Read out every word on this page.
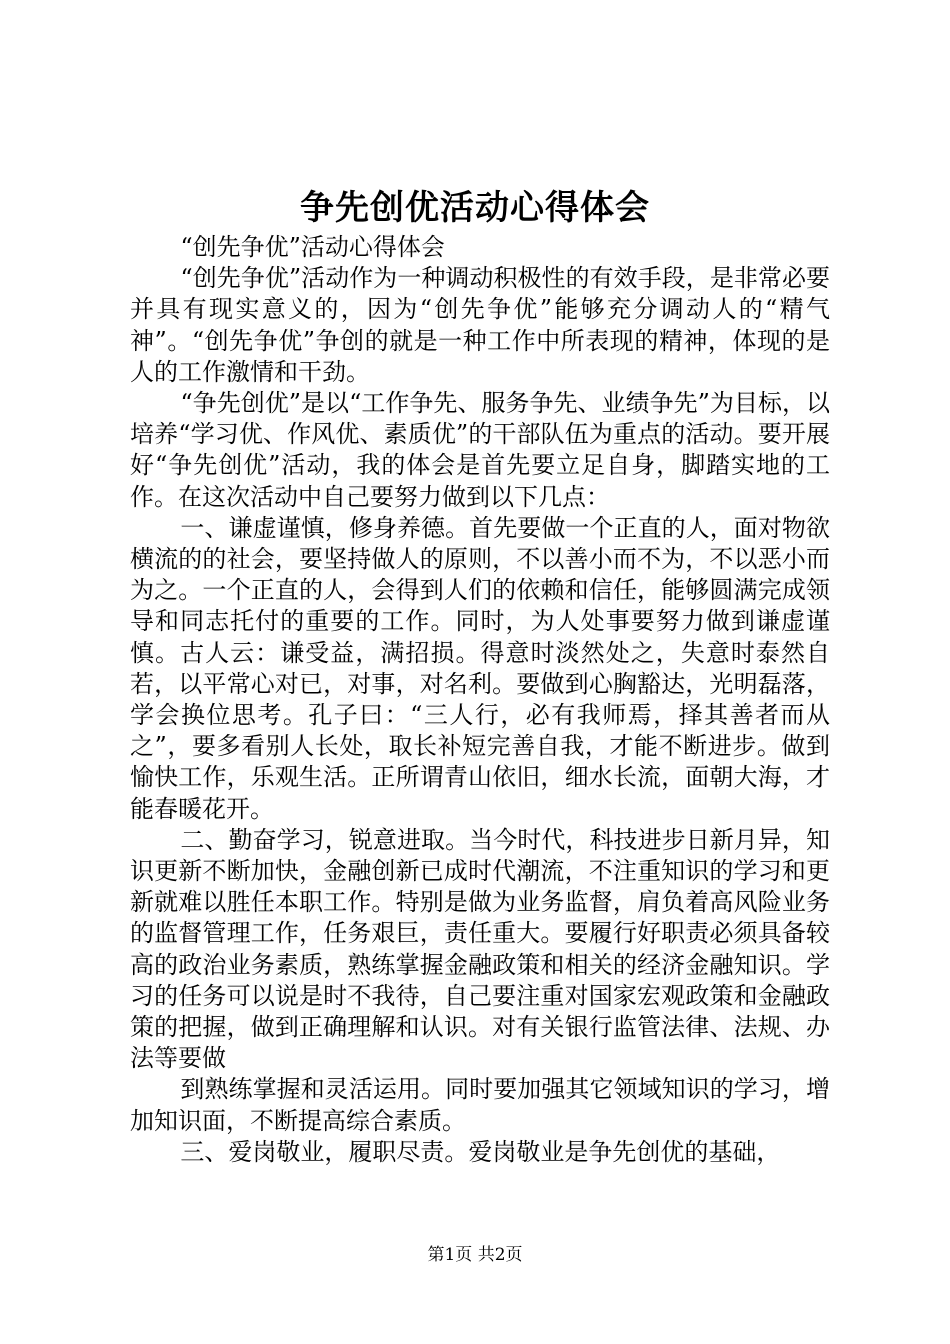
争先创优活动心得体会

“创先争优”活动心得体会

“创先争优”活动作为一种调动积极性的有效手段，是非常必要并具有现实意义的，因为“创先争优”能够充分调动人的“精气神”。“创先争优”争创的就是一种工作中所表现的精神，体现的是人的工作激情和干劲。

“争先创优”是以“工作争先、服务争先、业绩争先”为目标，以培养“学习优、作风优、素质优”的干部队伍为重点的活动。要开展好“争先创优”活动，我的体会是首先要立足自身，脚踏实地的工作。在这次活动中自己要努力做到以下几点：

一、谦虚谨慎，修身养德。首先要做一个正直的人，面对物欲横流的的社会，要坚持做人的原则，不以善小而不为，不以恶小而为之。一个正直的人，会得到人们的依赖和信任，能够圆满完成领导和同志托付的重要的工作。同时，为人处事要努力做到谦虚谨慎。古人云：谦受益，满招损。得意时淡然处之，失意时泰然自若，以平常心对已，对事，对名利。要做到心胸豁达，光明磊落，学会换位思考。孔子曰：“三人行，必有我师焉，择其善者而从之”，要多看别人长处，取长补短完善自我，才能不断进步。做到愉快工作，乐观生活。正所谓青山依旧，细水长流，面朝大海，才能春暖花开。

二、勤奋学习，锐意进取。当今时代，科技进步日新月异，知识更新不断加快，金融创新已成时代潮流，不注重知识的学习和更新就难以胜任本职工作。特别是做为业务监督，肩负着高风险业务的监督管理工作，任务艰巨，责任重大。要履行好职责必须具备较高的政治业务素质，熟练掌握金融政策和相关的经济金融知识。学习的任务可以说是时不我待，自己要注重对国家宏观政策和金融政策的把握，做到正确理解和认识。对有关银行监管法律、法规、办法等要做

到熟练掌握和灵活运用。同时要加强其它领域知识的学习，增加知识面，不断提高综合素质。

三、爱岗敬业，履职尽责。爱岗敬业是争先创优的基础，

第1页 共2页
